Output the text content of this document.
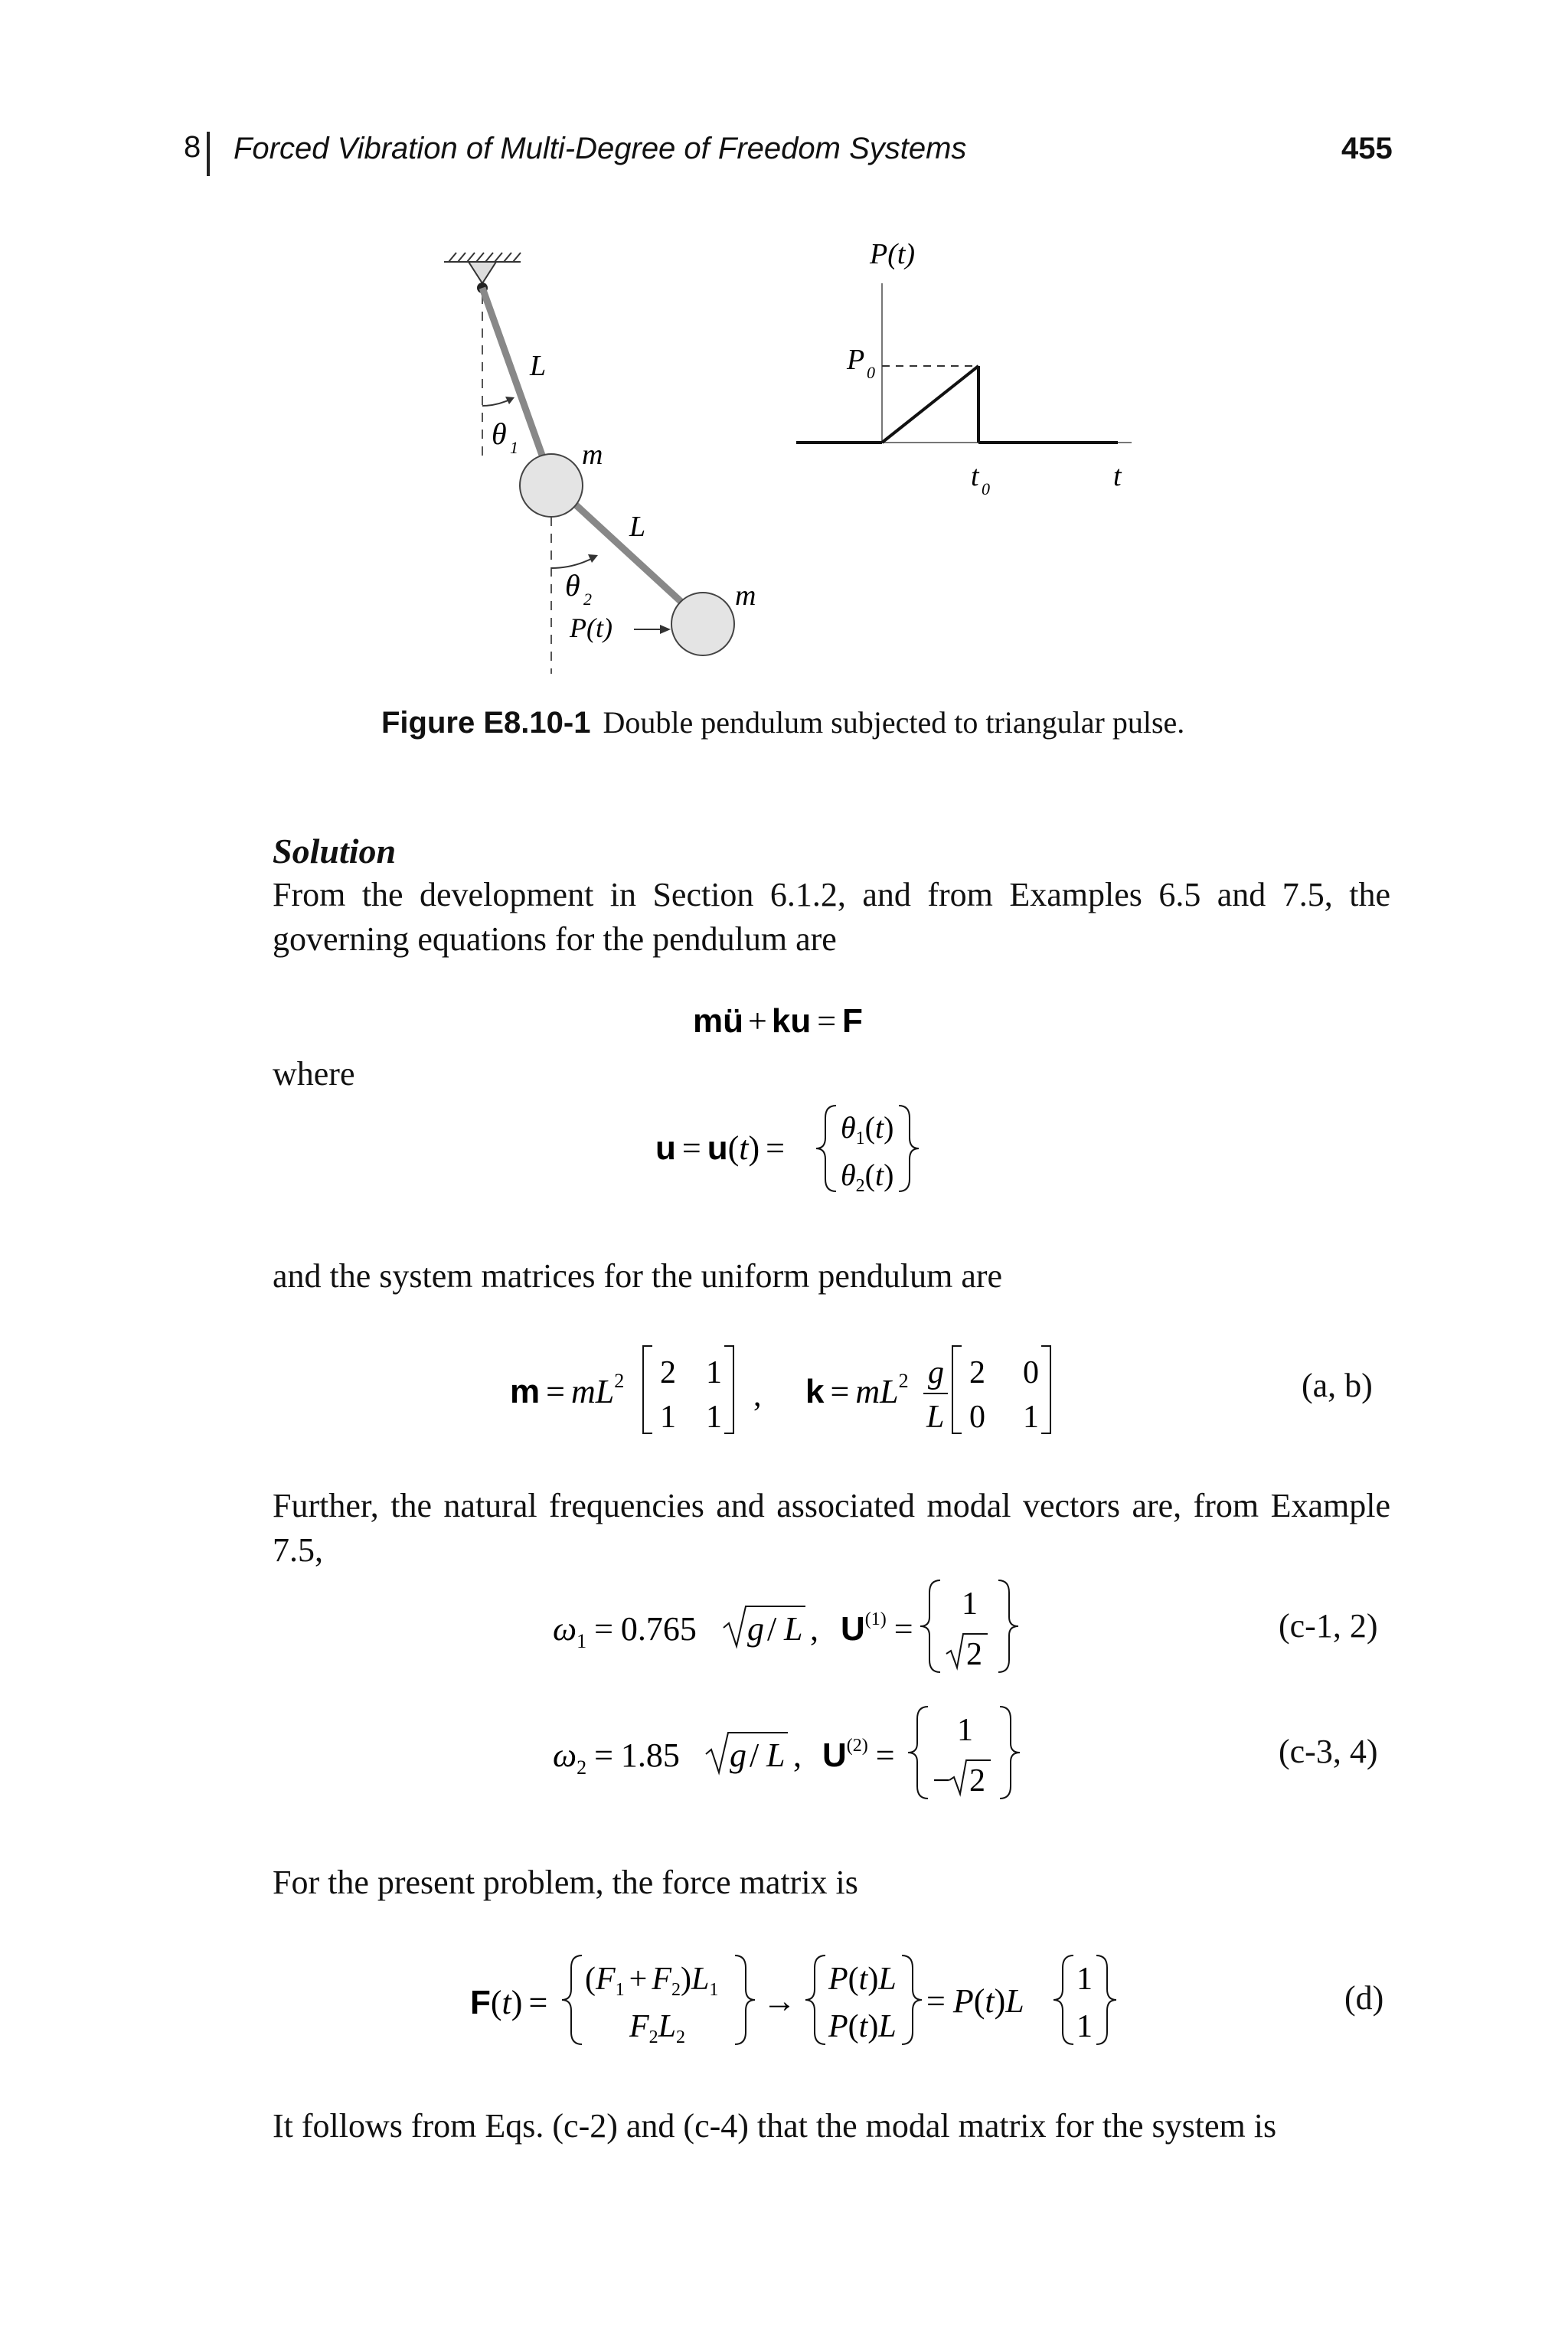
8 Forced Vibration of Multi-Degree of Freedom Systems	455
L
θ 1 m
L
θ 2
P(t)
m
P(t)
P 0
t 0	t
Figure E8.10-1 Double pendulum subjected to triangular pulse.
Solution
From the development in Section 6.1.2, and from Examples 6.5 and 7.5, the governing equations for the pendulum are
mü + ku = F
where
u = u(t) =
$\theta_1(t)$
$\theta_2(t)$
and the system matrices for the uniform pendulum are
$m = mL^2$ 2 1
1 1
, $k = mL^2$ g
L
2 0
0 1
(a, b)
Further, the natural frequencies and associated modal vectors are, from Example 7.5,
$\omega_1 = 0.765$ g / L , $U^{(1)}$ =
1
2
(c-1, 2)
$\omega_2 = 1.85$ g / L , $U^{(2)}$ =
1
− 2
(c-3, 4)
For the present problem, the force matrix is
F(t) =
(F1 + F2)L1
F2L2
→
P(t)L
P(t)L
= P(t)L
1
1
(d)
It follows from Eqs. (c-2) and (c-4) that the modal matrix for the system is
